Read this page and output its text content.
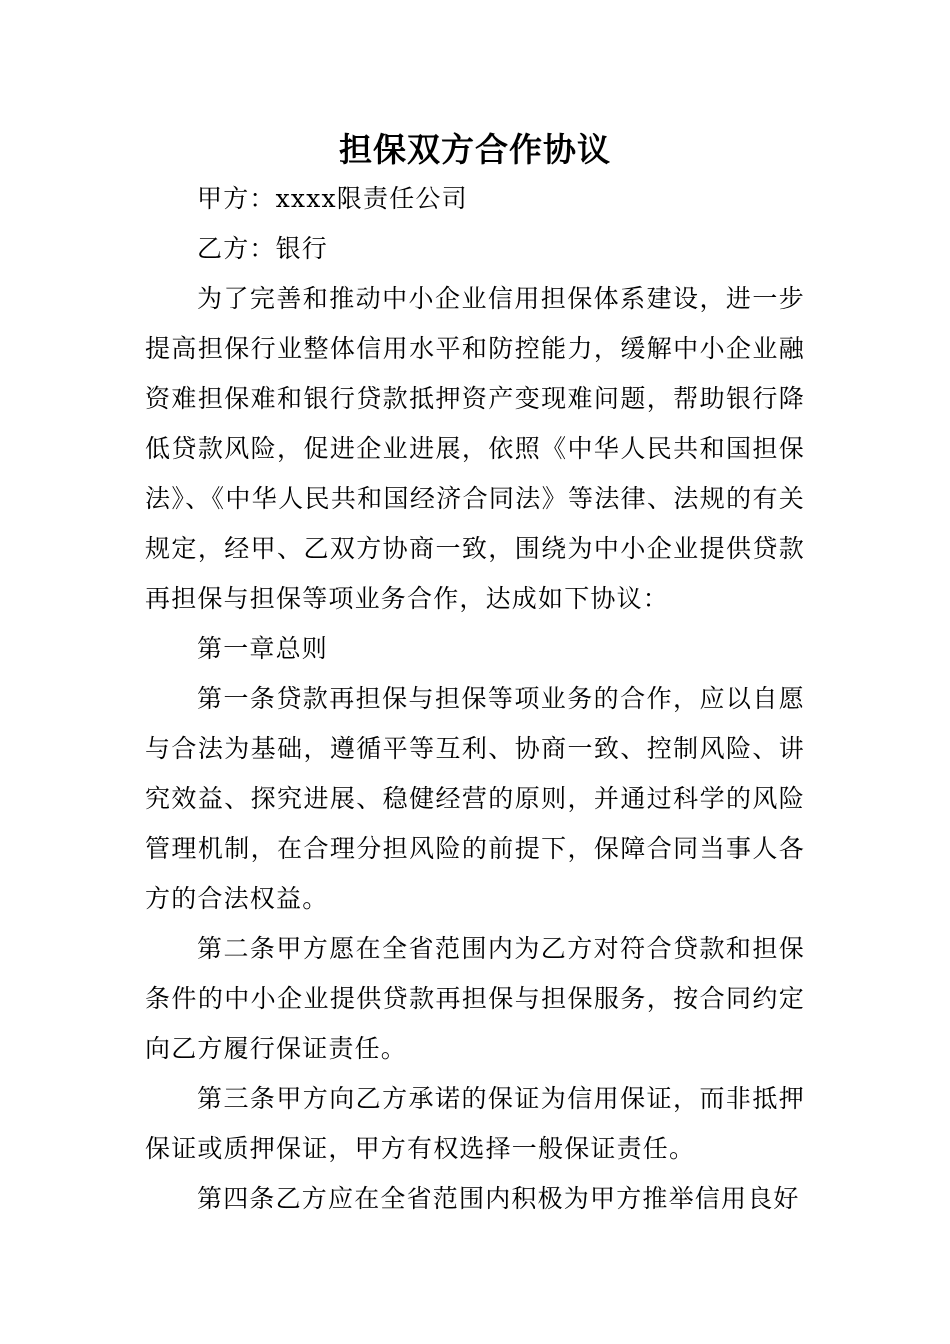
担保双方合作协议

甲方：xxxx限责任公司

乙方：银行

为了完善和推动中小企业信用担保体系建设，进一步提高担保行业整体信用水平和防控能力，缓解中小企业融资难担保难和银行贷款抵押资产变现难问题，帮助银行降低贷款风险，促进企业进展，依照《中华人民共和国担保法》、《中华人民共和国经济合同法》等法律、法规的有关规定，经甲、乙双方协商一致，围绕为中小企业提供贷款再担保与担保等项业务合作，达成如下协议：

第一章总则

第一条贷款再担保与担保等项业务的合作，应以自愿与合法为基础，遵循平等互利、协商一致、控制风险、讲究效益、探究进展、稳健经营的原则，并通过科学的风险管理机制，在合理分担风险的前提下，保障合同当事人各方的合法权益。

第二条甲方愿在全省范围内为乙方对符合贷款和担保条件的中小企业提供贷款再担保与担保服务，按合同约定向乙方履行保证责任。

第三条甲方向乙方承诺的保证为信用保证，而非抵押保证或质押保证，甲方有权选择一般保证责任。

第四条乙方应在全省范围内积极为甲方推举信用良好
